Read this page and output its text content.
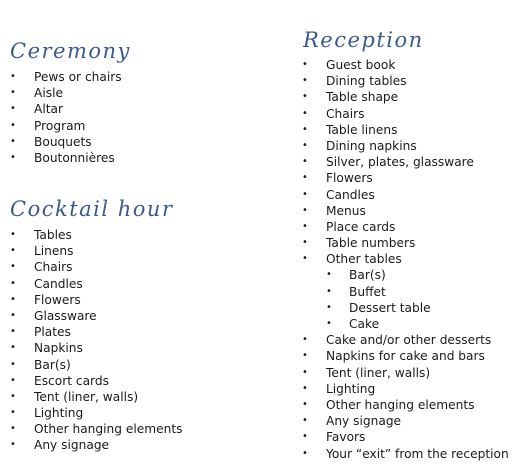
Ceremony
• Pews or chairs
• Aisle
• Altar
• Program
• Bouquets
• Boutonnières
Cocktail hour
• Tables
• Linens
• Chairs
• Candles
• Flowers
• Glassware
• Plates
• Napkins
• Bar(s)
• Escort cards
• Tent (liner, walls)
• Lighting
• Other hanging elements
• Any signage
Reception
• Guest book
• Dining tables
• Table shape
• Chairs
• Table linens
• Dining napkins
• Silver, plates, glassware
• Flowers
• Candles
• Menus
• Place cards
• Table numbers
• Other tables
• Bar(s)
• Buffet
• Dessert table
• Cake
• Cake and/or other desserts
• Napkins for cake and bars
• Tent (liner, walls)
• Lighting
• Other hanging elements
• Any signage
• Favors
• Your “exit” from the reception
